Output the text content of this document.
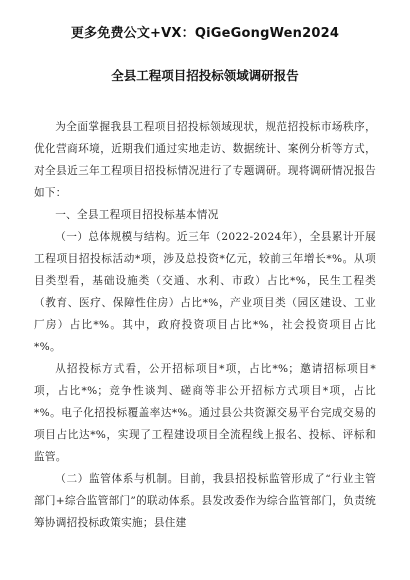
更多免费公文+VX：QiGeGongWen2024
全县工程项目招投标领域调研报告

为全面掌握我县工程项目招投标领域现状，规范招投标市场秩序，优化营商环境，近期我们通过实地走访、数据统计、案例分析等方式，对全县近三年工程项目招投标情况进行了专题调研。现将调研情况报告如下：

一、全县工程项目招投标基本情况

（一）总体规模与结构。近三年（2022-2024年），全县累计开展工程项目招投标活动*项，涉及总投资*亿元，较前三年增长*%。从项目类型看，基础设施类（交通、水利、市政）占比*%，民生工程类（教育、医疗、保障性住房）占比*%，产业项目类（园区建设、工业厂房）占比*%。其中，政府投资项目占比*%，社会投资项目占比*%。

从招投标方式看，公开招标项目*项，占比*%；邀请招标项目*项，占比*%；竞争性谈判、磋商等非公开招标方式项目*项，占比*%。电子化招投标覆盖率达*%。通过县公共资源交易平台完成交易的项目占比达*%，实现了工程建设项目全流程线上报名、投标、评标和监管。

（二）监管体系与机制。目前，我县招投标监管形成了“行业主管部门+综合监管部门”的联动体系。县发改委作为综合监管部门，负责统筹协调招投标政策实施；县住建
